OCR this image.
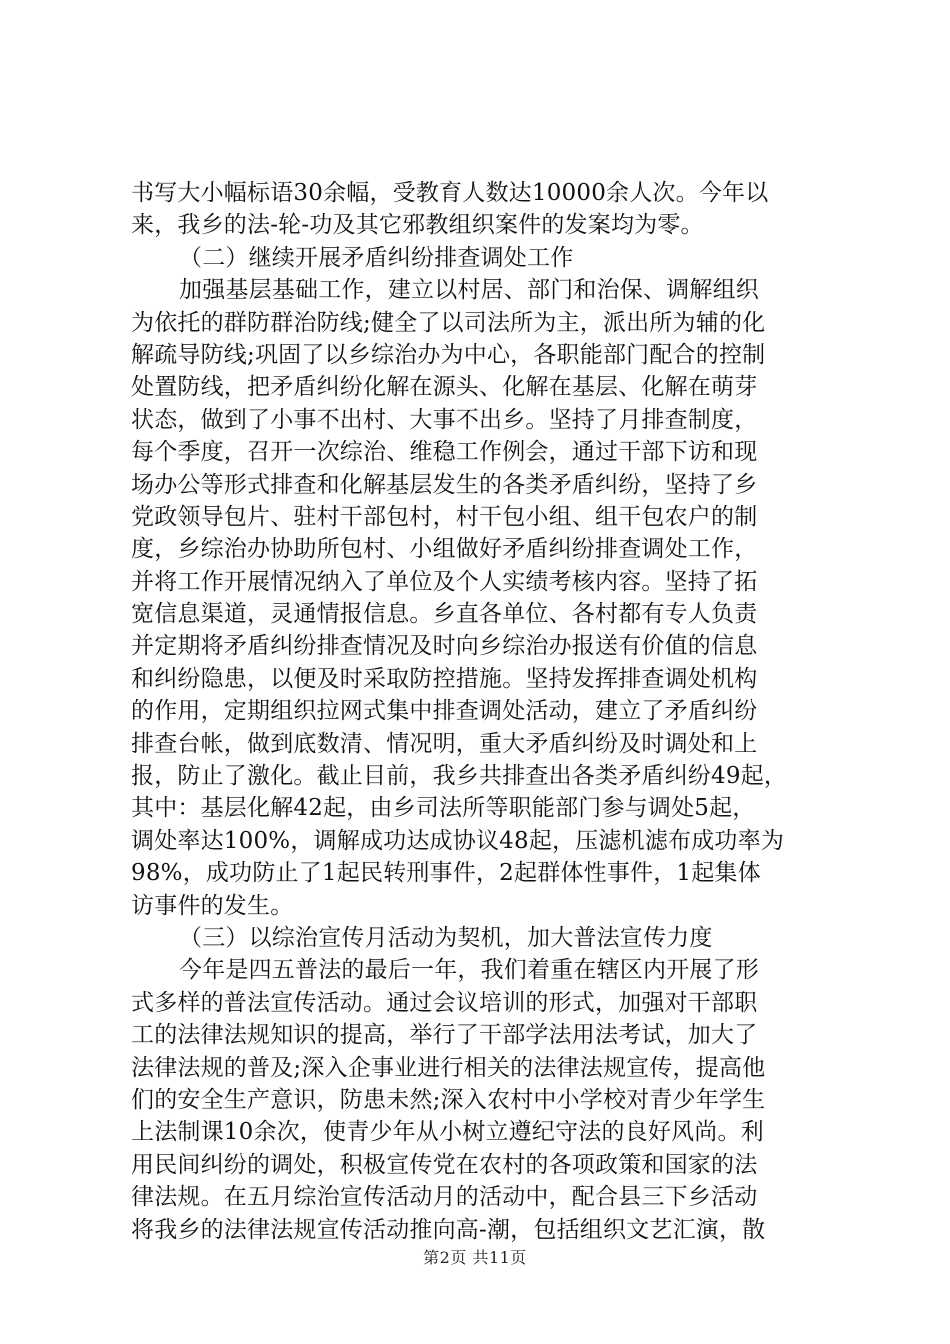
书写大小幅标语30余幅，受教育人数达10000余人次。今年以
来，我乡的法-轮-功及其它邪教组织案件的发案均为零。
（二）继续开展矛盾纠纷排查调处工作
加强基层基础工作，建立以村居、部门和治保、调解组织
为依托的群防群治防线;健全了以司法所为主，派出所为辅的化
解疏导防线;巩固了以乡综治办为中心，各职能部门配合的控制
处置防线，把矛盾纠纷化解在源头、化解在基层、化解在萌芽
状态，做到了小事不出村、大事不出乡。坚持了月排查制度，
每个季度，召开一次综治、维稳工作例会，通过干部下访和现
场办公等形式排查和化解基层发生的各类矛盾纠纷，坚持了乡
党政领导包片、驻村干部包村，村干包小组、组干包农户的制
度，乡综治办协助所包村、小组做好矛盾纠纷排查调处工作，
并将工作开展情况纳入了单位及个人实绩考核内容。坚持了拓
宽信息渠道，灵通情报信息。乡直各单位、各村都有专人负责
并定期将矛盾纠纷排查情况及时向乡综治办报送有价值的信息
和纠纷隐患，以便及时采取防控措施。坚持发挥排查调处机构
的作用，定期组织拉网式集中排查调处活动，建立了矛盾纠纷
排查台帐，做到底数清、情况明，重大矛盾纠纷及时调处和上
报，防止了激化。截止目前，我乡共排查出各类矛盾纠纷49起，
其中：基层化解42起，由乡司法所等职能部门参与调处5起，
调处率达100%，调解成功达成协议48起，压滤机滤布成功率为
98%，成功防止了1起民转刑事件，2起群体性事件，1起集体
访事件的发生。
（三）以综治宣传月活动为契机，加大普法宣传力度
今年是四五普法的最后一年，我们着重在辖区内开展了形
式多样的普法宣传活动。通过会议培训的形式，加强对干部职
工的法律法规知识的提高，举行了干部学法用法考试，加大了
法律法规的普及;深入企事业进行相关的法律法规宣传，提高他
们的安全生产意识，防患未然;深入农村中小学校对青少年学生
上法制课10余次，使青少年从小树立遵纪守法的良好风尚。利
用民间纠纷的调处，积极宣传党在农村的各项政策和国家的法
律法规。在五月综治宣传活动月的活动中，配合县三下乡活动
将我乡的法律法规宣传活动推向高-潮，包括组织文艺汇演，散
第2页 共11页
